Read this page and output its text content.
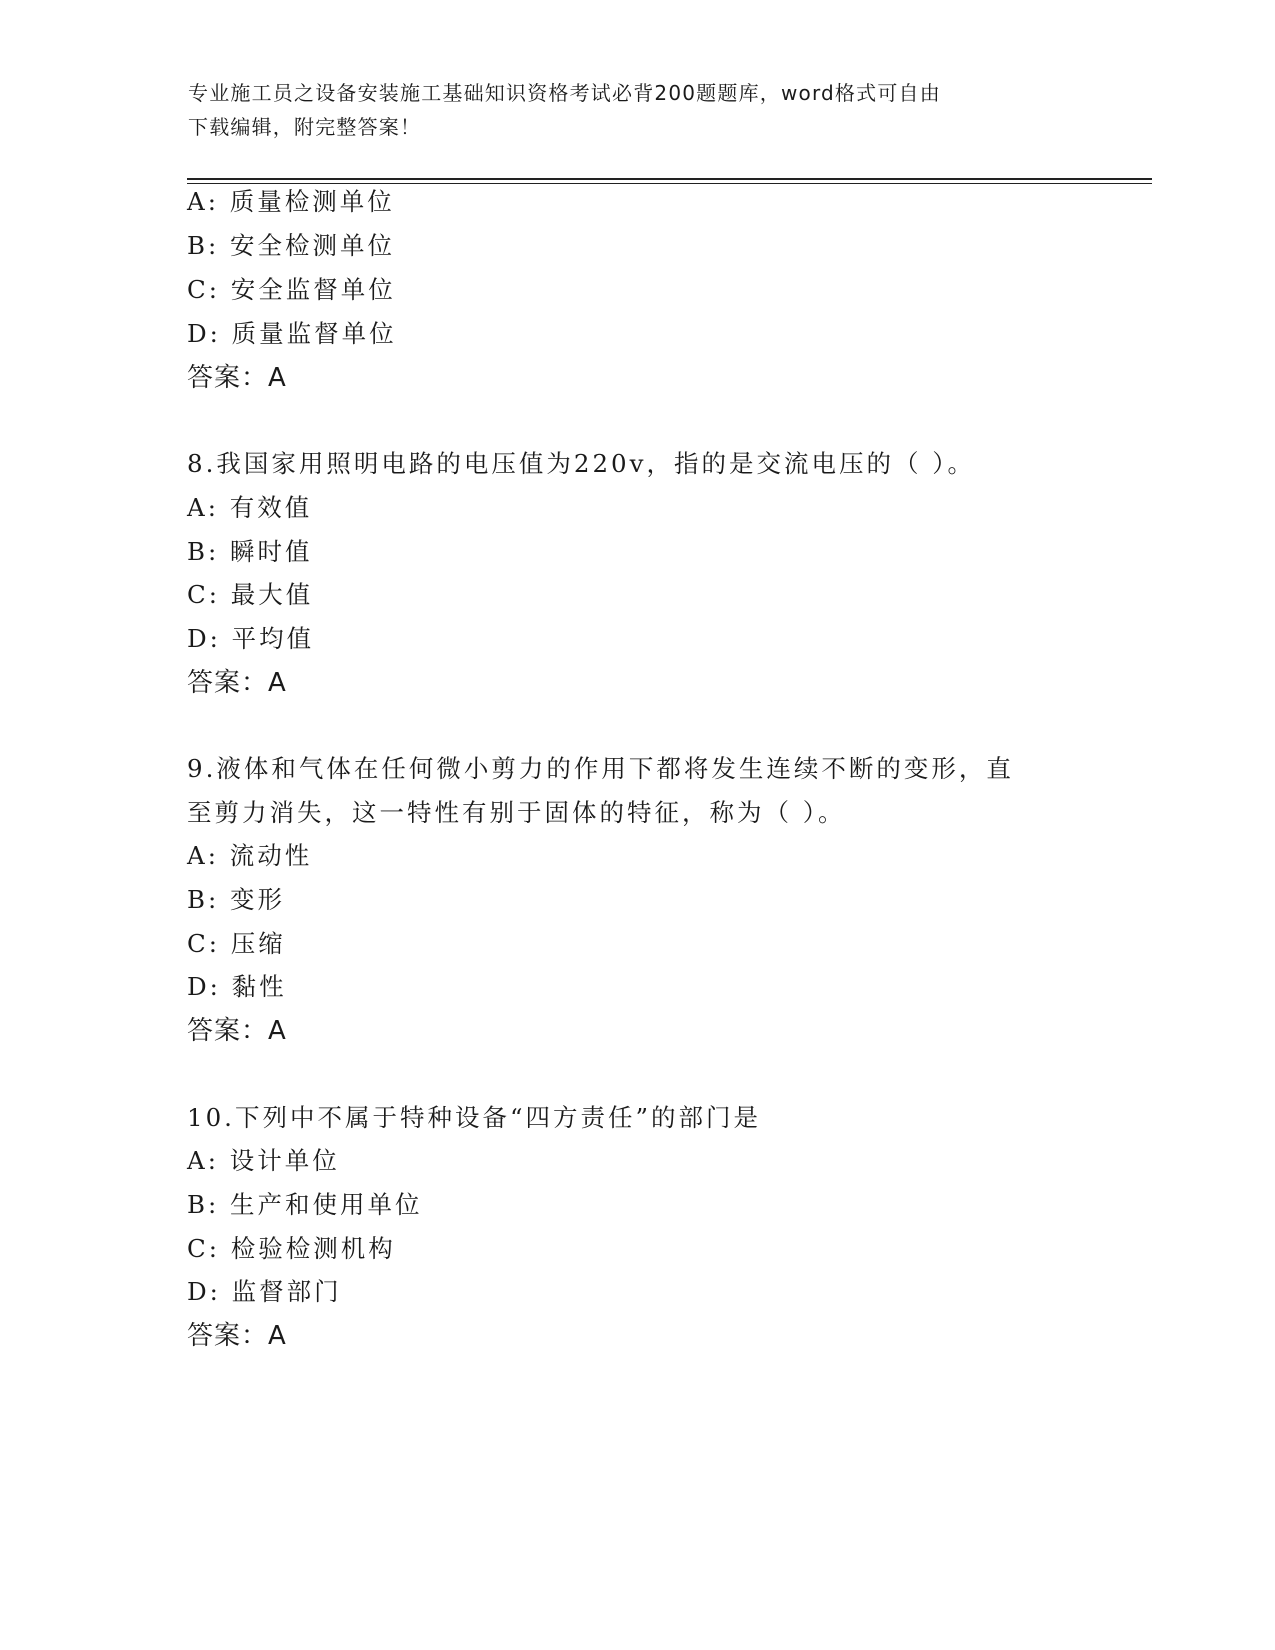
专业施工员之设备安装施工基础知识资格考试必背200题题库，word格式可自由
下载编辑，附完整答案！
A: 质量检测单位
B: 安全检测单位
C: 安全监督单位
D: 质量监督单位
答案：A
8.我国家用照明电路的电压值为220v，指的是交流电压的（ ）。
A: 有效值
B: 瞬时值
C: 最大值
D: 平均值
答案：A
9.液体和气体在任何微小剪力的作用下都将发生连续不断的变形，直
至剪力消失，这一特性有别于固体的特征，称为（ ）。
A: 流动性
B: 变形
C: 压缩
D: 黏性
答案：A
10.下列中不属于特种设备“四方责任”的部门是
A: 设计单位
B: 生产和使用单位
C: 检验检测机构
D: 监督部门
答案：A
